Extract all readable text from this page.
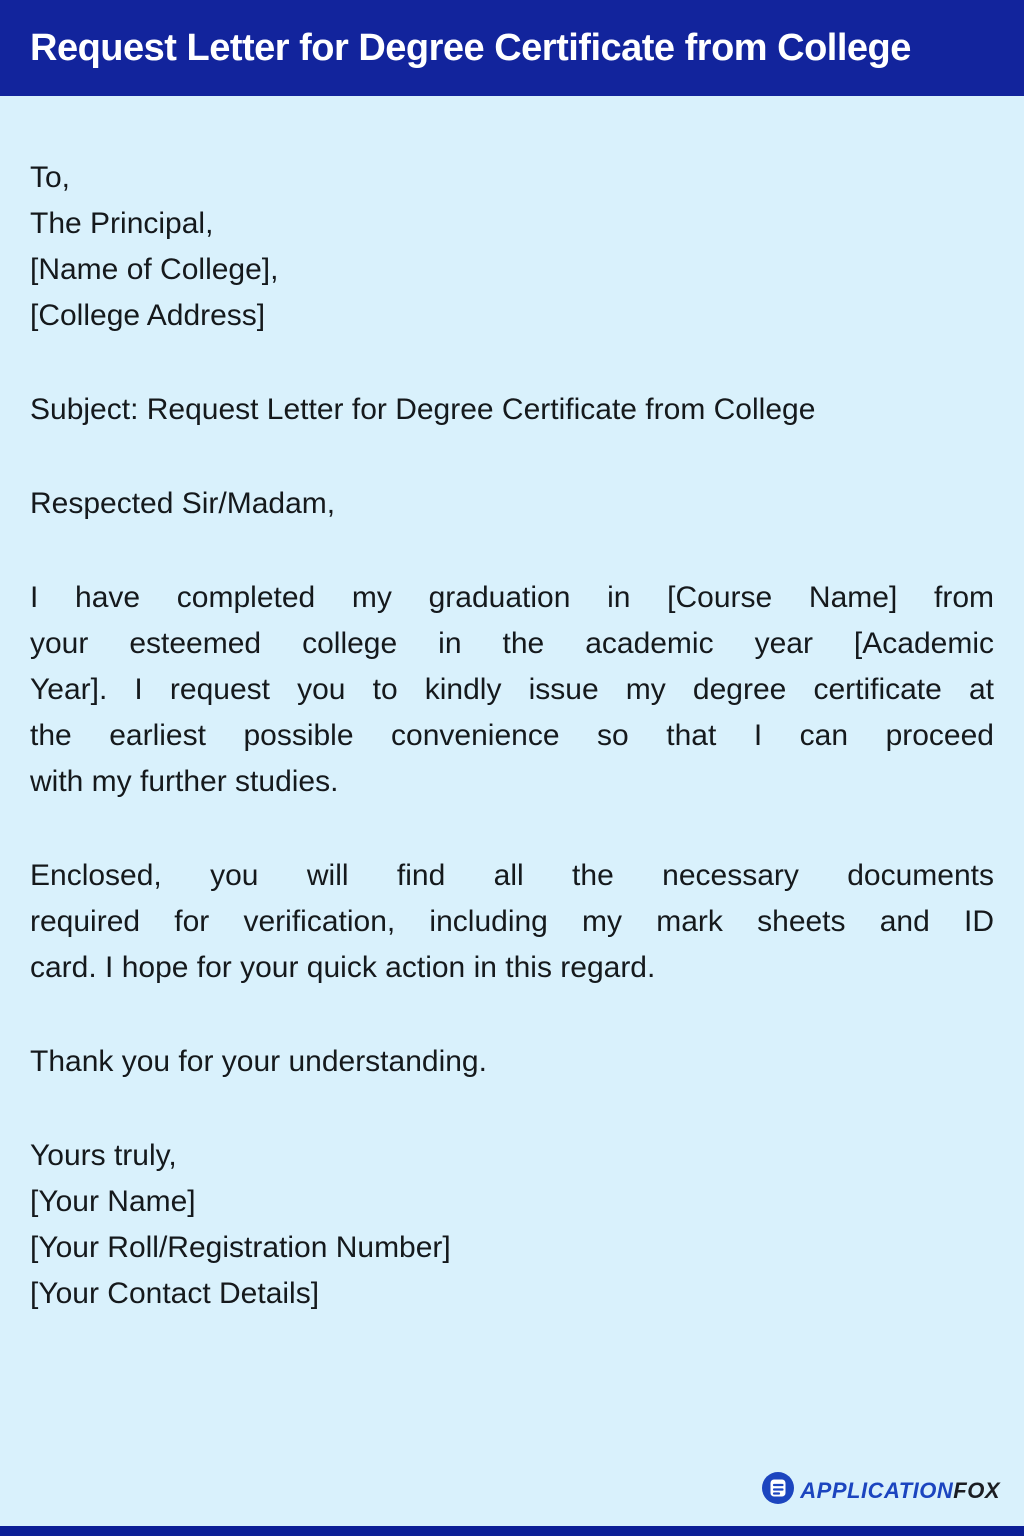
Request Letter for Degree Certificate from College
To,
The Principal,
[Name of College],
[College Address]
Subject: Request Letter for Degree Certificate from College
Respected Sir/Madam,
I have completed my graduation in [Course Name] from
your esteemed college in the academic year [Academic
Year]. I request you to kindly issue my degree certificate at
the earliest possible convenience so that I can proceed
with my further studies.
Enclosed, you will find all the necessary documents
required for verification, including my mark sheets and ID
card. I hope for your quick action in this regard.
Thank you for your understanding.
Yours truly,
[Your Name]
[Your Roll/Registration Number]
[Your Contact Details]
APPLICATIONFOX
